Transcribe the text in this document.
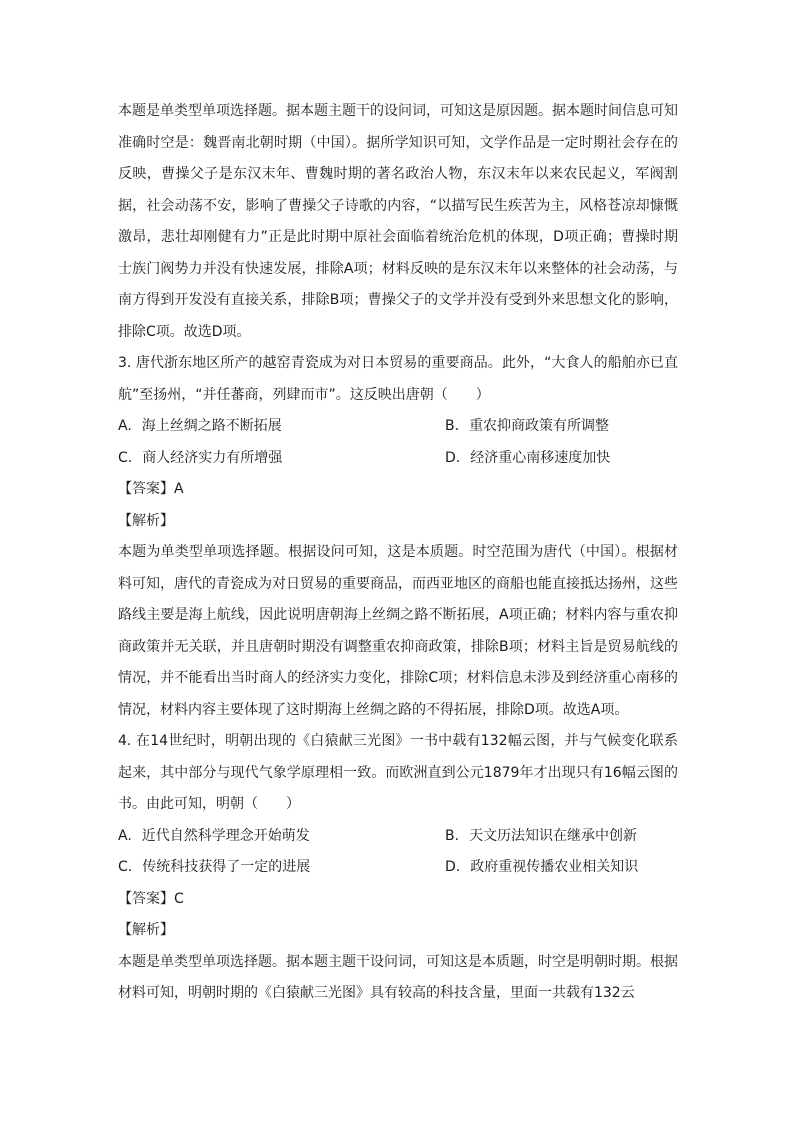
本题是单类型单项选择题。据本题主题干的设问词，可知这是原因题。据本题时间信息可知准确时空是：魏晋南北朝时期（中国）。据所学知识可知，文学作品是一定时期社会存在的反映，曹操父子是东汉末年、曹魏时期的著名政治人物，东汉末年以来农民起义，军阀割据，社会动荡不安，影响了曹操父子诗歌的内容，“以描写民生疾苦为主，风格苍凉却慷慨激昂，悲壮却刚健有力”正是此时期中原社会面临着统治危机的体现，D项正确；曹操时期士族门阀势力并没有快速发展，排除A项；材料反映的是东汉末年以来整体的社会动荡，与南方得到开发没有直接关系，排除B项；曹操父子的文学并没有受到外来思想文化的影响，排除C项。故选D项。

3. 唐代浙东地区所产的越窑青瓷成为对日本贸易的重要商品。此外，“大食人的船舶亦已直航”至扬州，“并任蕃商，列肆而市”。这反映出唐朝（　　）

A. 海上丝绸之路不断拓展	B. 重农抑商政策有所调整
C. 商人经济实力有所增强	D. 经济重心南移速度加快

【答案】A

【解析】

本题为单类型单项选择题。根据设问可知，这是本质题。时空范围为唐代（中国）。根据材料可知，唐代的青瓷成为对日贸易的重要商品，而西亚地区的商船也能直接抵达扬州，这些路线主要是海上航线，因此说明唐朝海上丝绸之路不断拓展，A项正确；材料内容与重农抑商政策并无关联，并且唐朝时期没有调整重农抑商政策，排除B项；材料主旨是贸易航线的情况，并不能看出当时商人的经济实力变化，排除C项；材料信息未涉及到经济重心南移的情况，材料内容主要体现了这时期海上丝绸之路的不得拓展，排除D项。故选A项。

4. 在14世纪时，明朝出现的《白猿献三光图》一书中载有132幅云图，并与气候变化联系起来，其中部分与现代气象学原理相一致。而欧洲直到公元1879年才出现只有16幅云图的书。由此可知，明朝（　　）

A. 近代自然科学理念开始萌发	B. 天文历法知识在继承中创新
C. 传统科技获得了一定的进展	D. 政府重视传播农业相关知识

【答案】C

【解析】

本题是单类型单项选择题。据本题主题干设问词，可知这是本质题，时空是明朝时期。根据材料可知，明朝时期的《白猿献三光图》具有较高的科技含量，里面一共载有132云
